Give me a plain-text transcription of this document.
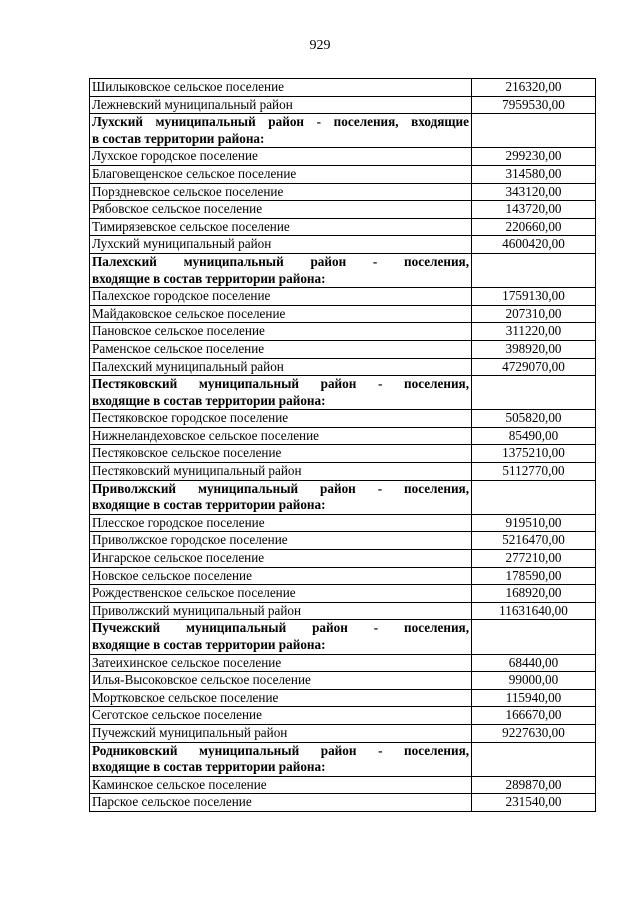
929
Шилыковское сельское поселение	216320,00
Лежневский муниципальный район	7959530,00

Лухский муниципальный район - поселения, входящие
в состав территории района:	

Лухское городское поселение	299230,00
Благовещенское сельское поселение	314580,00
Порздневское сельское поселение	343120,00
Рябовское сельское поселение	143720,00
Тимирязевское сельское поселение	220660,00
Лухский муниципальный район	4600420,00

Палехский муниципальный район - поселения,
входящие в состав территории района:	

Палехское городское поселение	1759130,00
Майдаковское сельское поселение	207310,00
Пановское сельское поселение	311220,00
Раменское сельское поселение	398920,00
Палехский муниципальный район	4729070,00

Пестяковский муниципальный район - поселения,
входящие в состав территории района:	

Пестяковское городское поселение	505820,00
Нижнеландеховское сельское поселение	85490,00
Пестяковское сельское поселение	1375210,00
Пестяковский муниципальный район	5112770,00

Приволжский муниципальный район - поселения,
входящие в состав территории района:	

Плесское городское поселение	919510,00
Приволжское городское поселение	5216470,00
Ингарское сельское поселение	277210,00
Новское сельское поселение	178590,00
Рождественское сельское поселение	168920,00
Приволжский муниципальный район	11631640,00

Пучежский муниципальный район - поселения,
входящие в состав территории района:	

Затеихинское сельское поселение	68440,00
Илья-Высоковское сельское поселение	99000,00
Мортковское сельское поселение	115940,00
Сеготское сельское поселение	166670,00
Пучежский муниципальный район	9227630,00

Родниковский муниципальный район - поселения,
входящие в состав территории района:	

Каминское сельское поселение	289870,00
Парское сельское поселение	231540,00
